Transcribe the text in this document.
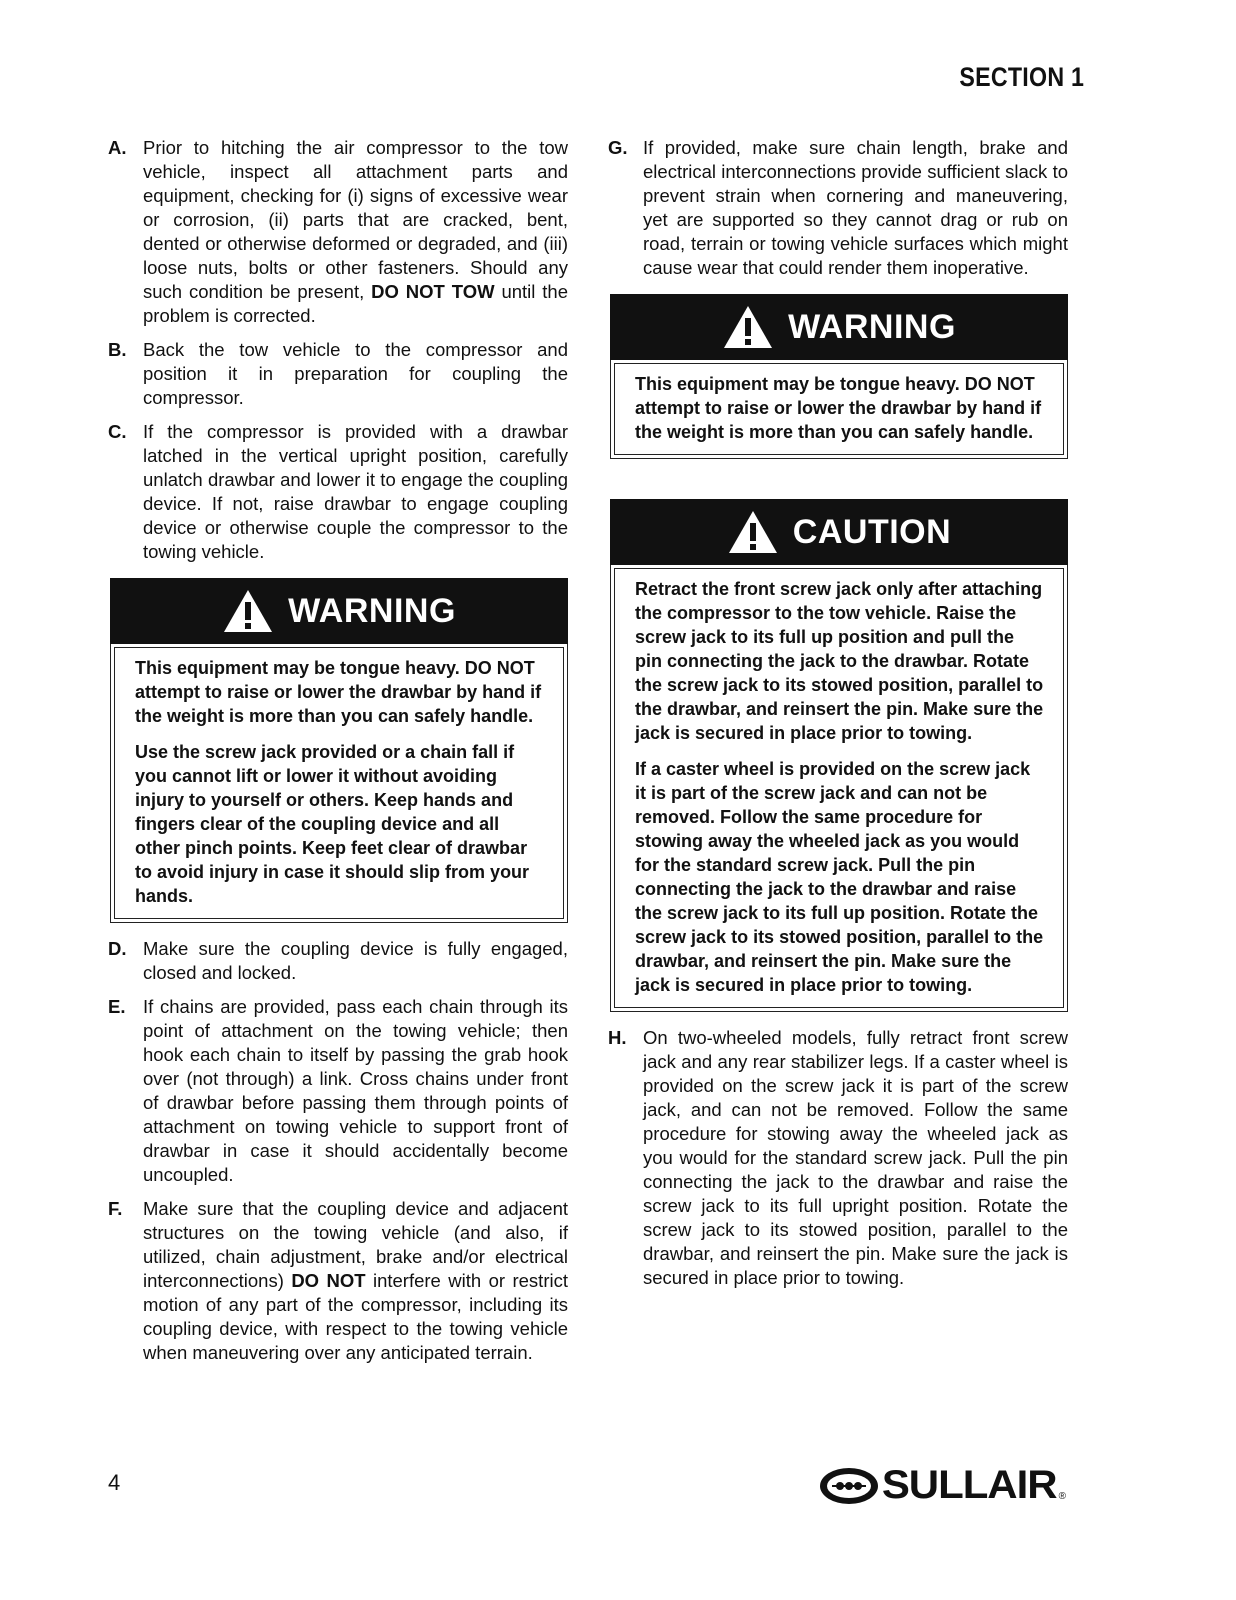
SECTION 1
A. Prior to hitching the air compressor to the tow vehicle, inspect all attachment parts and equipment, checking for (i) signs of excessive wear or corrosion, (ii) parts that are cracked, bent, dented or otherwise deformed or degraded, and (iii) loose nuts, bolts or other fasteners. Should any such condition be present, DO NOT TOW until the problem is corrected.
B. Back the tow vehicle to the compressor and position it in preparation for coupling the compressor.
C. If the compressor is provided with a drawbar latched in the vertical upright position, carefully unlatch drawbar and lower it to engage the coupling device. If not, raise drawbar to engage coupling device or otherwise couple the compressor to the towing vehicle.
WARNING

This equipment may be tongue heavy. DO NOT attempt to raise or lower the drawbar by hand if the weight is more than you can safely handle.

Use the screw jack provided or a chain fall if you cannot lift or lower it without avoiding injury to yourself or others. Keep hands and fingers clear of the coupling device and all other pinch points. Keep feet clear of drawbar to avoid injury in case it should slip from your hands.

D. Make sure the coupling device is fully engaged, closed and locked.
E. If chains are provided, pass each chain through its point of attachment on the towing vehicle; then hook each chain to itself by passing the grab hook over (not through) a link. Cross chains under front of drawbar before passing them through points of attachment on towing vehicle to support front of drawbar in case it should accidentally become uncoupled.
F.	Make sure that the coupling device and adjacent structures on the towing vehicle (and also, if utilized, chain adjustment, brake and/or electrical interconnections) DO NOT interfere with or restrict motion of any part of the compressor, including its coupling device, with respect to the towing vehicle when maneuvering over any anticipated terrain.
G. If provided, make sure chain length, brake and electrical interconnections provide sufficient slack to prevent strain when cornering and maneuvering, yet are supported so they cannot drag or rub on road, terrain or towing vehicle surfaces which might cause wear that could render them inoperative.
WARNING

This equipment may be tongue heavy. DO NOT attempt to raise or lower the drawbar by hand if the weight is more than you can safely handle.

CAUTION

Retract the front screw jack only after attaching the compressor to the tow vehicle. Raise the screw jack to its full up position and pull the pin connecting the jack to the drawbar. Rotate the screw jack to its stowed position, parallel to the drawbar, and reinsert the pin. Make sure the jack is secured in place prior to towing.

If a caster wheel is provided on the screw jack it is part of the screw jack and can not be removed. Follow the same procedure for stowing away the wheeled jack as you would for the standard screw jack. Pull the pin connecting the jack to the drawbar and raise the screw jack to its full up position. Rotate the screw jack to its stowed position, parallel to the drawbar, and reinsert the pin. Make sure the jack is secured in place prior to towing.

H. On two-wheeled models, fully retract front screw jack and any rear stabilizer legs. If a caster wheel is provided on the screw jack it is part of the screw jack, and can not be removed. Follow the same procedure for stowing away the wheeled jack as you would for the standard screw jack. Pull the pin connecting the jack to the drawbar and raise the screw jack to its full upright position. Rotate the screw jack to its stowed position, parallel to the drawbar, and reinsert the pin. Make sure the jack is secured in place prior to towing.
4	SULLAIR ®
